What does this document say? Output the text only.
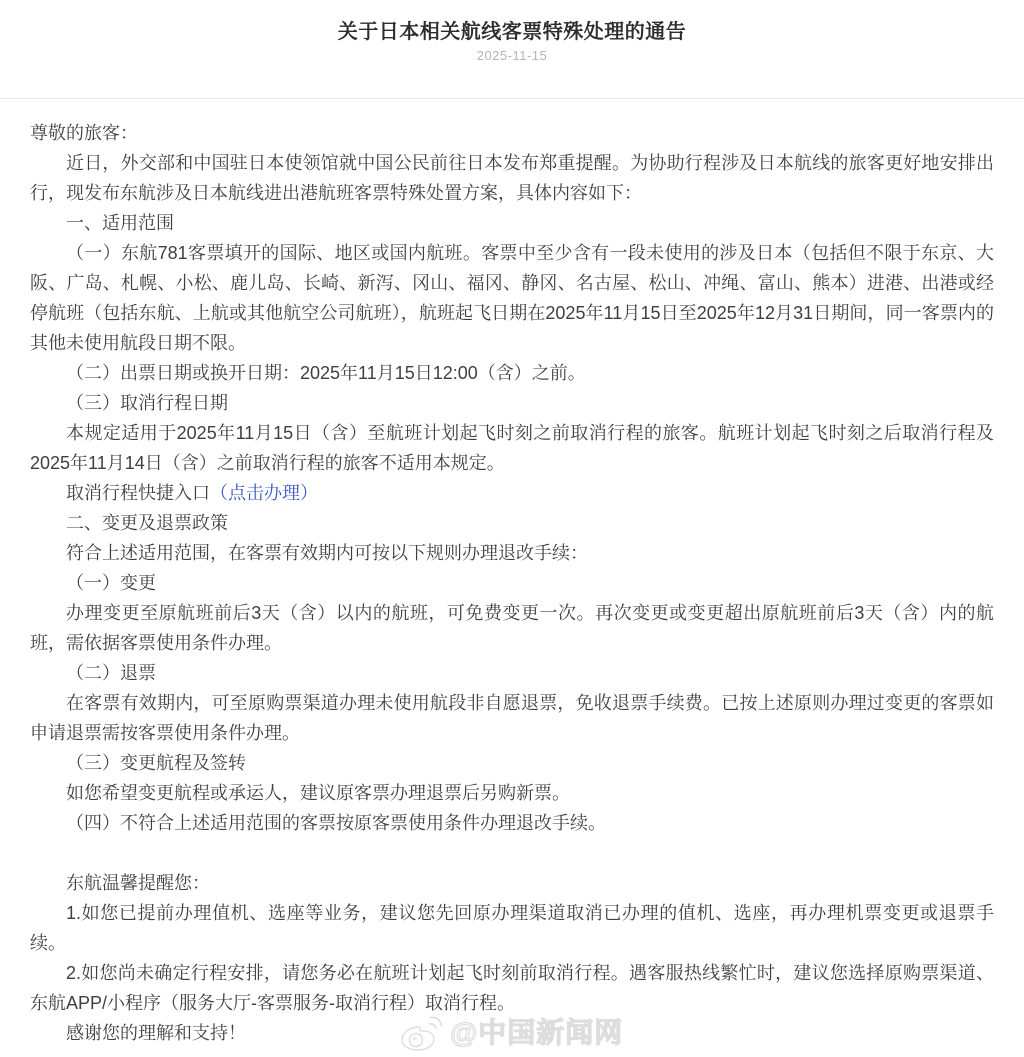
关于日本相关航线客票特殊处理的通告
2025-11-15

尊敬的旅客：

近日，外交部和中国驻日本使领馆就中国公民前往日本发布郑重提醒。为协助行程涉及日本航线的旅客更好地安排出行，现发布东航涉及日本航线进出港航班客票特殊处置方案，具体内容如下：

一、适用范围

（一）东航781客票填开的国际、地区或国内航班。客票中至少含有一段未使用的涉及日本（包括但不限于东京、大阪、广岛、札幌、小松、鹿儿岛、长崎、新泻、冈山、福冈、静冈、名古屋、松山、冲绳、富山、熊本）进港、出港或经停航班（包括东航、上航或其他航空公司航班），航班起飞日期在2025年11月15日至2025年12月31日期间，同一客票内的其他未使用航段日期不限。

（二）出票日期或换开日期：2025年11月15日12:00（含）之前。

（三）取消行程日期

本规定适用于2025年11月15日（含）至航班计划起飞时刻之前取消行程的旅客。航班计划起飞时刻之后取消行程及2025年11月14日（含）之前取消行程的旅客不适用本规定。

取消行程快捷入口（点击办理）

二、变更及退票政策

符合上述适用范围，在客票有效期内可按以下规则办理退改手续：

（一）变更

办理变更至原航班前后3天（含）以内的航班，可免费变更一次。再次变更或变更超出原航班前后3天（含）内的航班，需依据客票使用条件办理。

（二）退票

在客票有效期内，可至原购票渠道办理未使用航段非自愿退票，免收退票手续费。已按上述原则办理过变更的客票如申请退票需按客票使用条件办理。

（三）变更航程及签转

如您希望变更航程或承运人，建议原客票办理退票后另购新票。

（四）不符合上述适用范围的客票按原客票使用条件办理退改手续。

东航温馨提醒您：

1.如您已提前办理值机、选座等业务，建议您先回原办理渠道取消已办理的值机、选座，再办理机票变更或退票手续。

2.如您尚未确定行程安排，请您务必在航班计划起飞时刻前取消行程。遇客服热线繁忙时，建议您选择原购票渠道、东航APP/小程序（服务大厅-客票服务-取消行程）取消行程。

感谢您的理解和支持！	@中国新闻网
